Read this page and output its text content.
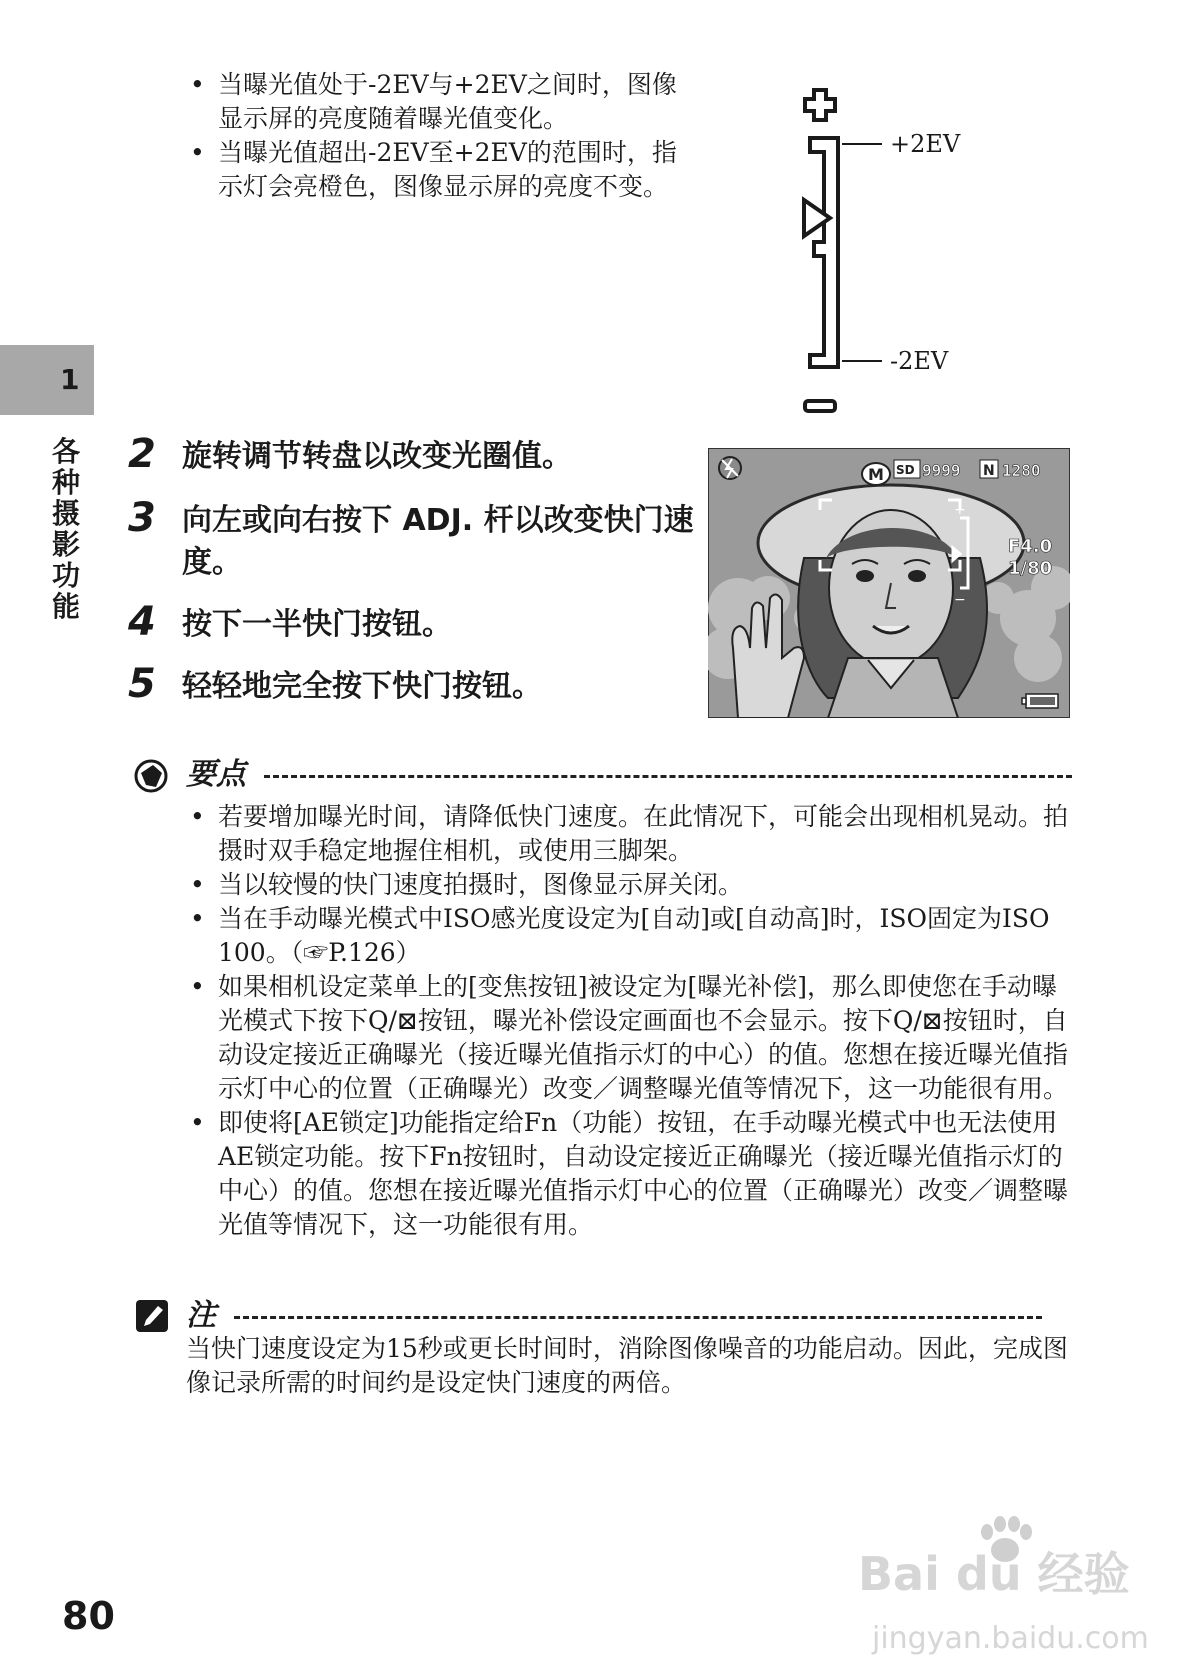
1
各种摄影功能
• 当曝光值处于-2EV与+2EV之间时，图像显示屏的亮度随着曝光值变化。
• 当曝光值超出-2EV至+2EV的范围时，指示灯会亮橙色，图像显示屏的亮度不变。
+2EV
-2EV
2 旋转调节转盘以改变光圈值。
3 向左或向右按下 ADJ. 杆以改变快门速度。
4 按下一半快门按钮。
5 轻轻地完全按下快门按钮。
+
−
M SD 9999 N 1280
F4.0
1/80
要点
• 若要增加曝光时间，请降低快门速度。在此情况下，可能会出现相机晃动。拍摄时双手稳定地握住相机，或使用三脚架。
• 当以较慢的快门速度拍摄时，图像显示屏关闭。
• 当在手动曝光模式中ISO感光度设定为[自动]或[自动高]时，ISO固定为ISO 100。（☞P.126）
• 如果相机设定菜单上的[变焦按钮]被设定为[曝光补偿]，那么即使您在手动曝光模式下按下Q/⊠按钮，曝光补偿设定画面也不会显示。按下Q/⊠按钮时，自动设定接近正确曝光（接近曝光值指示灯的中心）的值。您想在接近曝光值指示灯中心的位置（正确曝光）改变／调整曝光值等情况下，这一功能很有用。
• 即使将[AE锁定]功能指定给Fn（功能）按钮，在手动曝光模式中也无法使用AE锁定功能。按下Fn按钮时，自动设定接近正确曝光（接近曝光值指示灯的中心）的值。您想在接近曝光值指示灯中心的位置（正确曝光）改变／调整曝光值等情况下，这一功能很有用。
注

当快门速度设定为15秒或更长时间时，消除图像噪音的功能启动。因此，完成图像记录所需的时间约是设定快门速度的两倍。

80
Bai du 经验
jingyan.baidu.com
